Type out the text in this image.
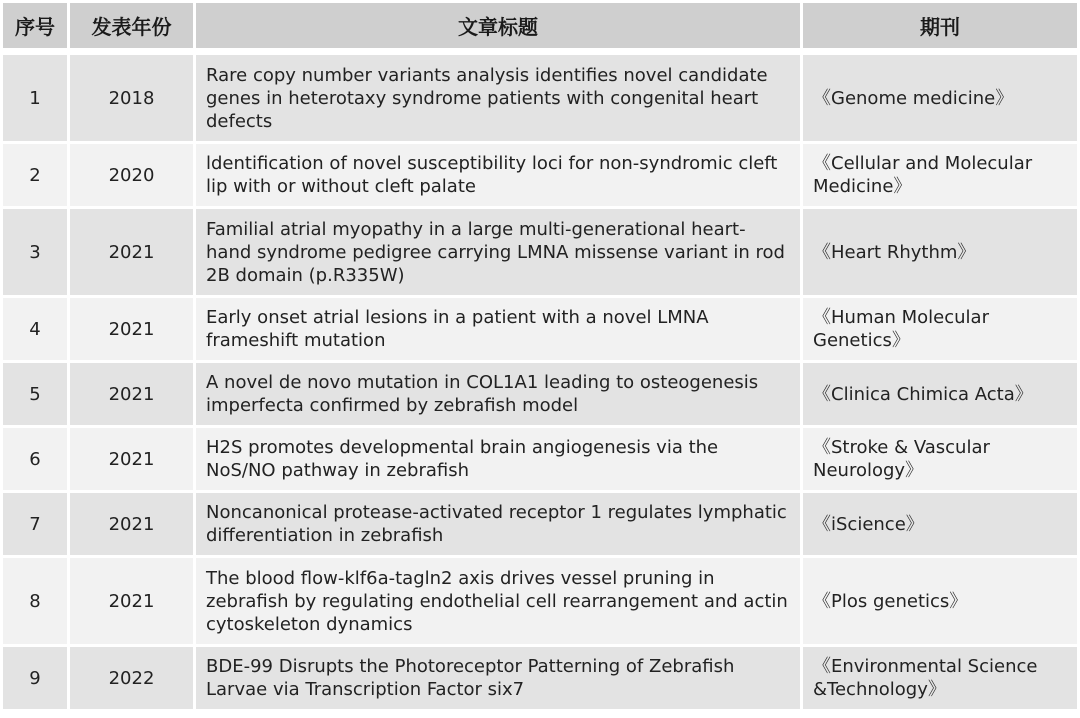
序号	发表年份	文章标题	期刊
1	2018	Rare copy number variants analysis identifies novel candidate genes in heterotaxy syndrome patients with congenital heart defects	《Genome medicine》
2	2020	ldentification of novel susceptibility loci for non-syndromic cleft lip with or without cleft palate	《Cellular and Molecular Medicine》
3	2021	Familial atrial myopathy in a large multi-generational heart-hand syndrome pedigree carrying LMNA missense variant in rod 2B domain (p.R335W)	《Heart Rhythm》
4	2021	Early onset atrial lesions in a patient with a novel LMNA frameshift mutation	《Human Molecular Genetics》
5	2021	A novel de novo mutation in COL1A1 leading to osteogenesis imperfecta confirmed by zebrafish model	《Clinica Chimica Acta》
6	2021	H2S promotes developmental brain angiogenesis via the NoS/NO pathway in zebrafish	《Stroke & Vascular Neurology》
7	2021	Noncanonical protease-activated receptor 1 regulates lymphatic differentiation in zebrafish	《iScience》
8	2021	The blood flow-klf6a-tagln2 axis drives vessel pruning in zebrafish by regulating endothelial cell rearrangement and actin cytoskeleton dynamics	《Plos genetics》
9	2022	BDE-99 Disrupts the Photoreceptor Patterning of Zebrafish Larvae via Transcription Factor six7	《Environmental Science &Technology》
